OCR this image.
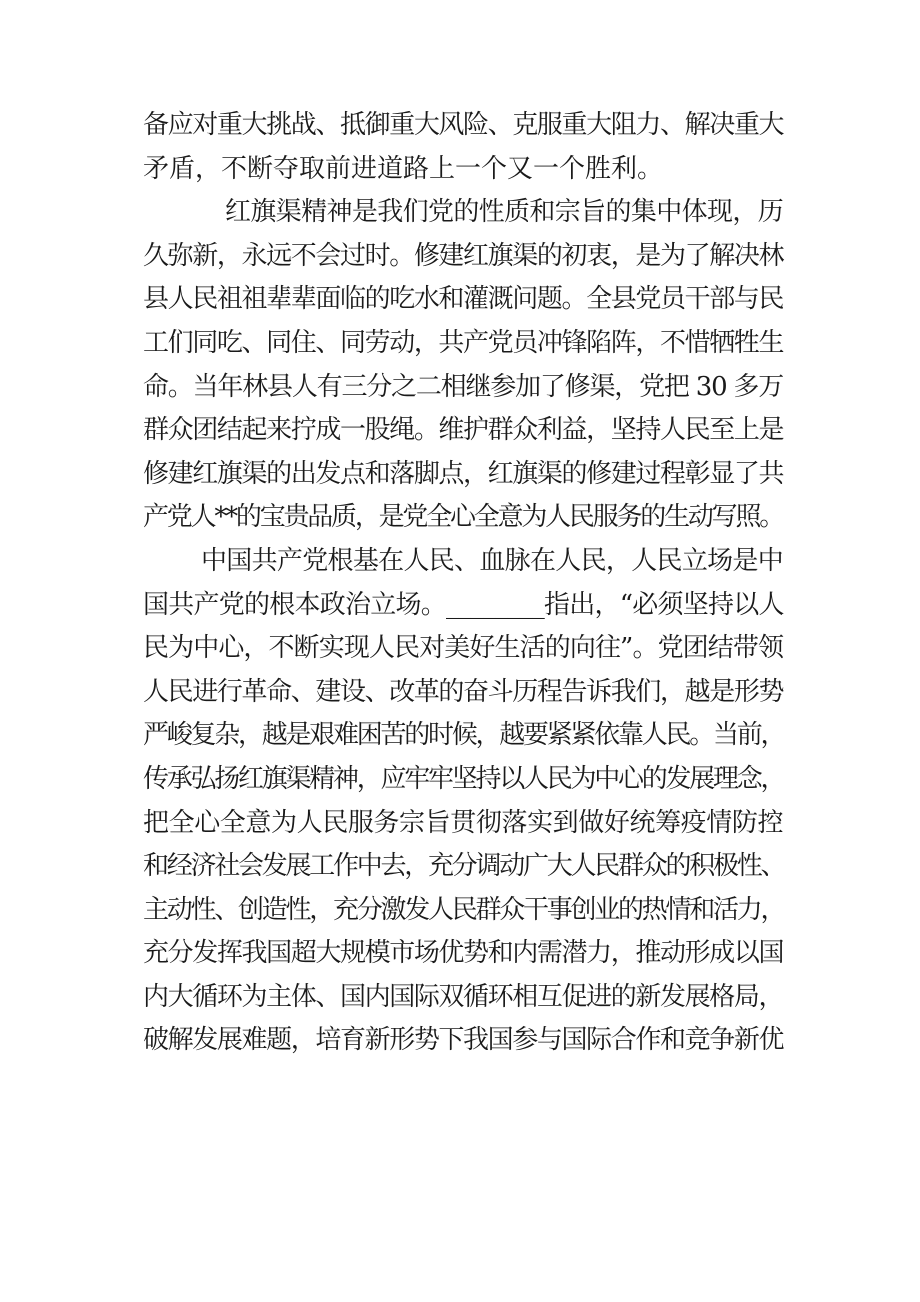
备应对重大挑战、抵御重大风险、克服重大阻力、解决重大
矛盾，不断夺取前进道路上一个又一个胜利。
红旗渠精神是我们党的性质和宗旨的集中体现，历
久弥新，永远不会过时。修建红旗渠的初衷，是为了解决林
县人民祖祖辈辈面临的吃水和灌溉问题。全县党员干部与民
工们同吃、同住、同劳动，共产党员冲锋陷阵，不惜牺牲生
命。当年林县人有三分之二相继参加了修渠，党把 30 多万
群众团结起来拧成一股绳。维护群众利益，坚持人民至上是
修建红旗渠的出发点和落脚点，红旗渠的修建过程彰显了共
产党人**的宝贵品质，是党全心全意为人民服务的生动写照。
中国共产党根基在人民、血脉在人民，人民立场是中
国共产党的根本政治立场。________指出，“必须坚持以人
民为中心，不断实现人民对美好生活的向往”。党团结带领
人民进行革命、建设、改革的奋斗历程告诉我们，越是形势
严峻复杂，越是艰难困苦的时候，越要紧紧依靠人民。当前，
传承弘扬红旗渠精神，应牢牢坚持以人民为中心的发展理念，
把全心全意为人民服务宗旨贯彻落实到做好统筹疫情防控
和经济社会发展工作中去，充分调动广大人民群众的积极性、
主动性、创造性，充分激发人民群众干事创业的热情和活力，
充分发挥我国超大规模市场优势和内需潜力，推动形成以国
内大循环为主体、国内国际双循环相互促进的新发展格局，
破解发展难题，培育新形势下我国参与国际合作和竞争新优
